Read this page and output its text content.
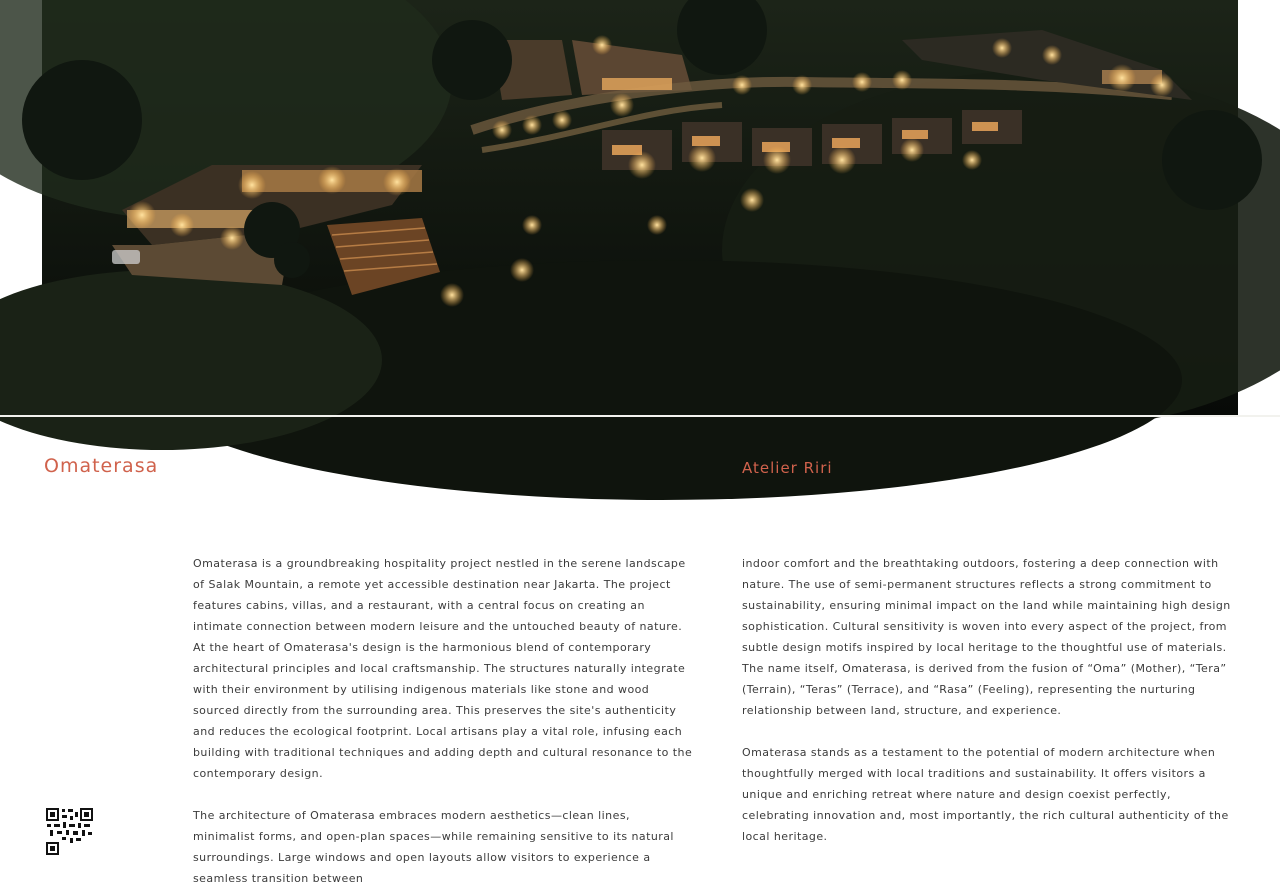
Omaterasa	Atelier Riri

Omaterasa is a groundbreaking hospitality project nestled in the serene landscape of Salak Mountain, a remote yet accessible destination near Jakarta. The project features cabins, villas, and a restaurant, with a central focus on creating an intimate connection between modern leisure and the untouched beauty of nature. At the heart of Omaterasa's design is the harmonious blend of contemporary architectural principles and local craftsmanship. The structures naturally integrate with their environment by utilising indigenous materials like stone and wood sourced directly from the surrounding area. This preserves the site's authenticity and reduces the ecological footprint. Local artisans play a vital role, infusing each building with traditional techniques and adding depth and cultural resonance to the contemporary design.

The architecture of Omaterasa embraces modern aesthetics—clean lines, minimalist forms, and open-plan spaces—while remaining sensitive to its natural surroundings. Large windows and open layouts allow visitors to experience a seamless transition between

indoor comfort and the breathtaking outdoors, fostering a deep connection with nature. The use of semi-permanent structures reflects a strong commitment to sustainability, ensuring minimal impact on the land while maintaining high design sophistication. Cultural sensitivity is woven into every aspect of the project, from subtle design motifs inspired by local heritage to the thoughtful use of materials. The name itself, Omaterasa, is derived from the fusion of “Oma” (Mother), “Tera” (Terrain), “Teras” (Terrace), and “Rasa” (Feeling), representing the nurturing relationship between land, structure, and experience.

Omaterasa stands as a testament to the potential of modern architecture when thoughtfully merged with local traditions and sustainability. It offers visitors a unique and enriching retreat where nature and design coexist perfectly, celebrating innovation and, most importantly, the rich cultural authenticity of the local heritage.
